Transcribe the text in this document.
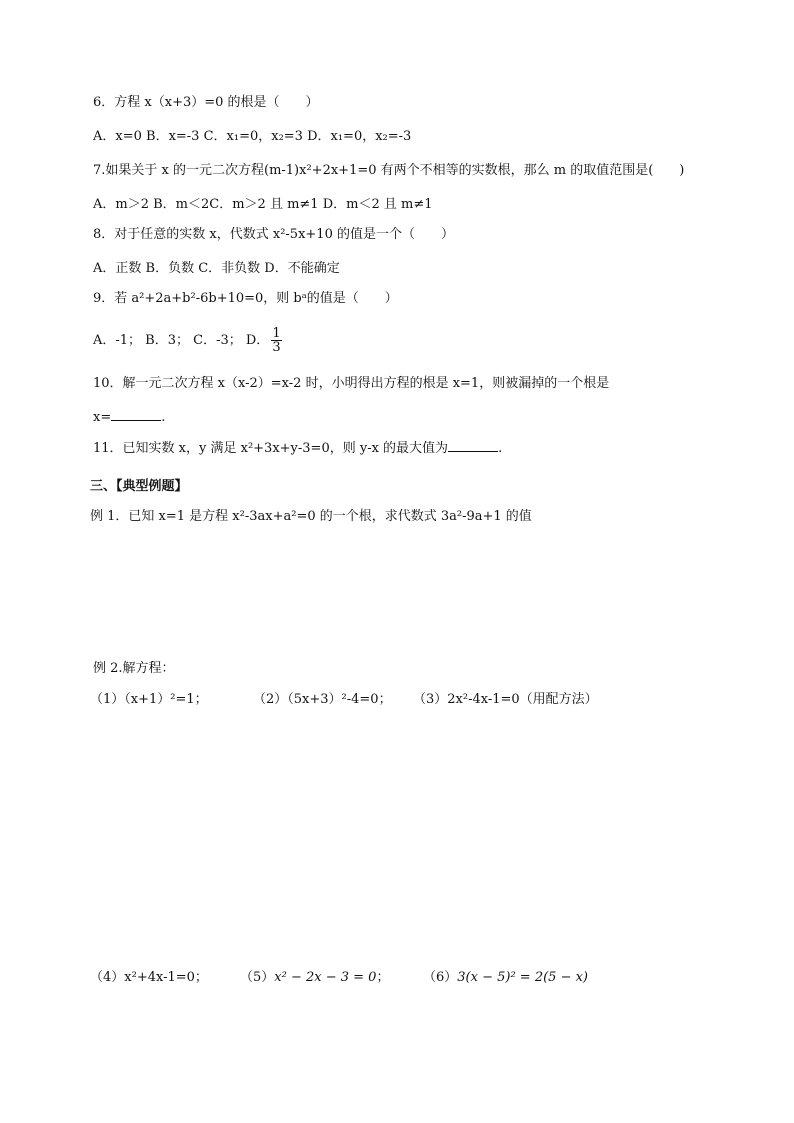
6．方程 x（x+3）=0 的根是（　　）
A．x=0 B．x=-3 C．x₁=0，x₂=3 D．x₁=0，x₂=-3
7.如果关于 x 的一元二次方程(m-1)x²+2x+1=0 有两个不相等的实数根，那么 m 的取值范围是(　　)
A．m＞2 B．m＜2C．m＞2 且 m≠1 D．m＜2 且 m≠1
8．对于任意的实数 x，代数式 x²-5x+10 的值是一个（　　）
A．正数 B．负数 C．非负数 D．不能确定
9．若 a²+2a+b²-6b+10=0，则 bᵃ的值是（　　）
A．-1； B．3； C．-3； D． $\frac{1}{3}$
10．解一元二次方程 x（x-2）=x-2 时，小明得出方程的根是 x=1，则被漏掉的一个根是
x=	.
11．已知实数 x，y 满足 x²+3x+y-3=0，则 y-x 的最大值为	.
三、【典型例题】
例 1．已知 x=1 是方程 x²-3ax+a²=0 的一个根，求代数式 3a²-9a+1 的值
例 2.解方程：
（1）（x+1）²=1；	（2）（5x+3）²-4=0； （3）2x²-4x-1=0（用配方法）
（4）x²+4x-1=0； （5）x² − 2x − 3 = 0；	（6）3(x − 5)² = 2(5 − x)
